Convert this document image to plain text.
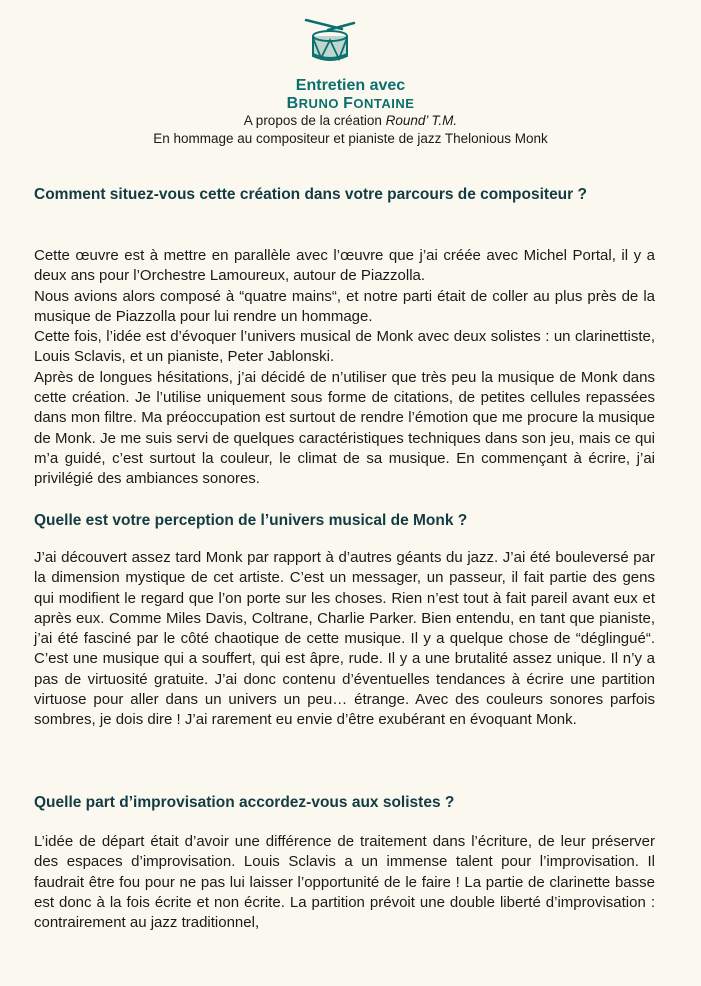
Entretien avec
BRUNO FONTAINE
A propos de la création Round’ T.M.
En hommage au compositeur et pianiste de jazz Thelonious Monk
Comment situez-vous cette création dans votre parcours de compositeur ?

Cette œuvre est à mettre en parallèle avec l’œuvre que j’ai créée avec Michel Portal, il y a deux ans pour l’Orchestre Lamoureux, autour de Piazzolla.

Nous avions alors composé à “quatre mains“, et notre parti était de coller au plus près de la musique de Piazzolla pour lui rendre un hommage.

Cette fois, l’idée est d’évoquer l’univers musical de Monk avec deux solistes : un clarinettiste, Louis Sclavis, et un pianiste, Peter Jablonski.

Après de longues hésitations, j’ai décidé de n’utiliser que très peu la musique de Monk dans cette création. Je l’utilise uniquement sous forme de citations, de petites cellules repassées dans mon filtre. Ma préoccupation est surtout de rendre l’émotion que me procure la musique de Monk. Je me suis servi de quelques caractéristiques techniques dans son jeu, mais ce qui m’a guidé, c’est surtout la couleur, le climat de sa musique. En commençant à écrire, j’ai privilégié des ambiances sonores.

Quelle est votre perception de l’univers musical de Monk ?

J’ai découvert assez tard Monk par rapport à d’autres géants du jazz. J’ai été bouleversé par la dimension mystique de cet artiste. C’est un messager, un passeur, il fait partie des gens qui modifient le regard que l’on porte sur les choses. Rien n’est tout à fait pareil avant eux et après eux. Comme Miles Davis, Coltrane, Charlie Parker. Bien entendu, en tant que pianiste, j’ai été fasciné par le côté chaotique de cette musique. Il y a quelque chose de “déglingué“. C’est une musique qui a souffert, qui est âpre, rude. Il y a une brutalité assez unique. Il n’y a pas de virtuosité gratuite. J’ai donc contenu d’éventuelles tendances à écrire une partition virtuose pour aller dans un univers un peu… étrange. Avec des couleurs sonores parfois sombres, je dois dire ! J’ai rarement eu envie d’être exubérant en évoquant Monk.

Quelle part d’improvisation accordez-vous aux solistes ?

L’idée de départ était d’avoir une différence de traitement dans l’écriture, de leur préserver des espaces d’improvisation. Louis Sclavis a un immense talent pour l’improvisation. Il faudrait être fou pour ne pas lui laisser l’opportunité de le faire ! La partie de clarinette basse est donc à la fois écrite et non écrite. La partition prévoit une double liberté d’improvisation : contrairement au jazz traditionnel,
